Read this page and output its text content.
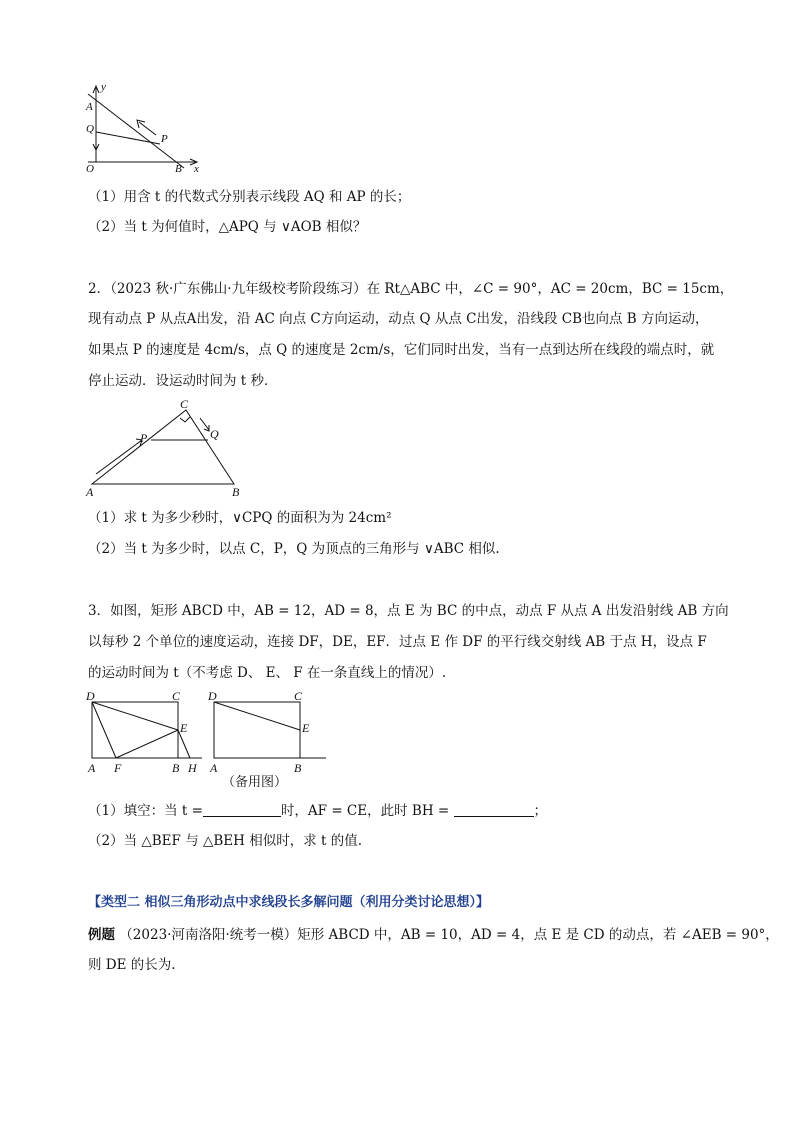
y
A
Q
P
O	B x
（1）用含 t 的代数式分别表示线段 AQ 和 AP 的长；
（2）当 t 为何值时，△APQ 与 ∨AOB 相似？
2．（2023 秋·广东佛山·九年级校考阶段练习）在 Rt△ABC 中，∠C = 90°，AC = 20cm，BC = 15cm，
现有动点 P 从点A出发，沿 AC 向点 C方向运动，动点 Q 从点 C出发，沿线段 CB也向点 B 方向运动，
如果点 P 的速度是 4cm/s，点 Q 的速度是 2cm/s，它们同时出发，当有一点到达所在线段的端点时，就
停止运动．设运动时间为 t 秒．
C
P	Q
A	B
（1）求 t 为多少秒时，∨CPQ 的面积为为 24cm²
（2）当 t 为多少时，以点 C，P，Q 为顶点的三角形与 ∨ABC 相似.
3．如图，矩形 ABCD 中，AB = 12，AD = 8，点 E 为 BC 的中点，动点 F 从点 A 出发沿射线 AB 方向
以每秒 2 个单位的速度运动，连接 DF，DE，EF．过点 E 作 DF 的平行线交射线 AB 于点 H，设点 F
的运动时间为 t（不考虑 D、 E、 F 在一条直线上的情况）.
D	C
E
A F	B H
D	C
E
A	B
（备用图）
（1）填空：当 t =	时，AF = CE，此时 BH =	；
（2）当 △BEF 与 △BEH 相似时，求 t 的值.
【类型二 相似三角形动点中求线段长多解问题（利用分类讨论思想）】
例题 （2023·河南洛阳·统考一模）矩形 ABCD 中，AB = 10，AD = 4，点 E 是 CD 的动点，若 ∠AEB = 90°，
则 DE 的长为.
